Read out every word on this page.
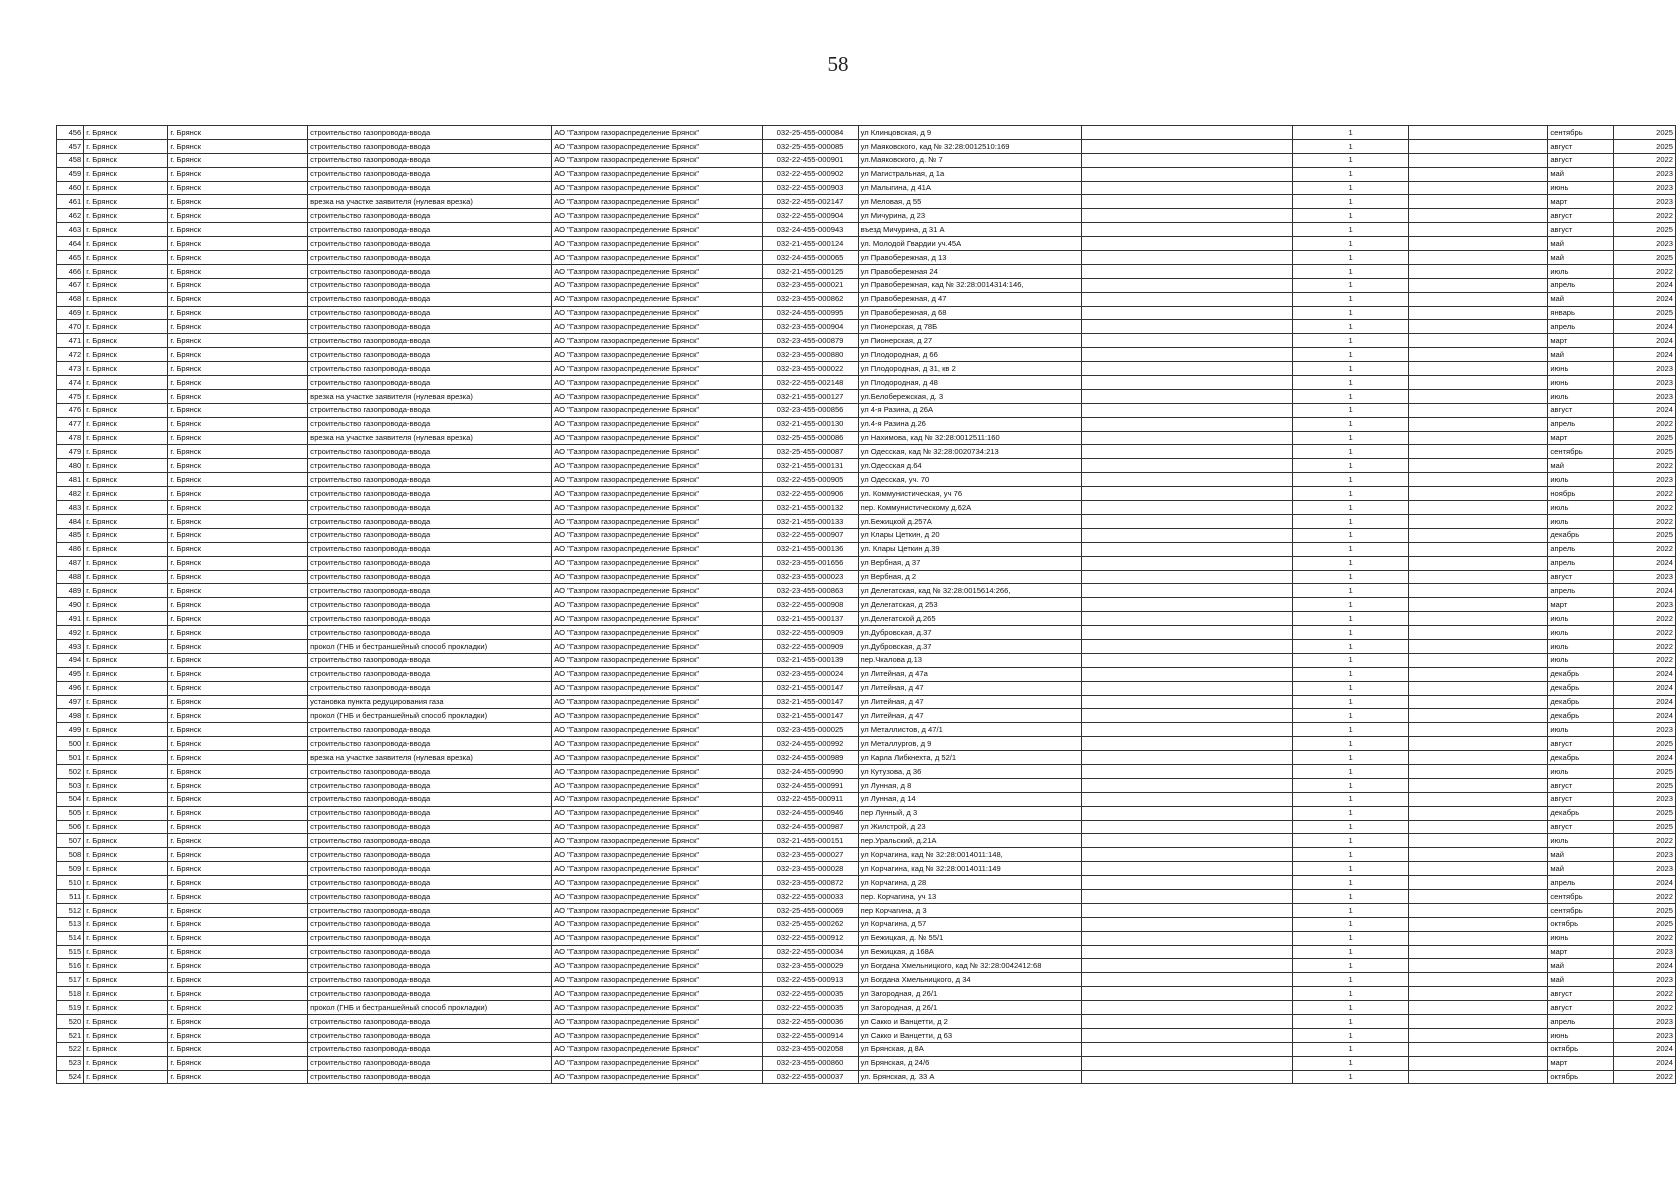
58
456	г. Брянск	г. Брянск	строительство газопровода-ввода	АО "Газпром газораспределение Брянск"	032-25-455-000084	ул Клинцовская, д 9		1		сентябрь	2025
457	г. Брянск	г. Брянск	строительство газопровода-ввода	АО "Газпром газораспределение Брянск"	032-25-455-000085	ул Маяковского, кад № 32:28:0012510:169		1		август	2025
458	г. Брянск	г. Брянск	строительство газопровода-ввода	АО "Газпром газораспределение Брянск"	032-22-455-000901	ул.Маяковского, д. № 7		1		август	2022
459	г. Брянск	г. Брянск	строительство газопровода-ввода	АО "Газпром газораспределение Брянск"	032-22-455-000902	ул Магистральная, д 1а		1		май	2023
460	г. Брянск	г. Брянск	строительство газопровода-ввода	АО "Газпром газораспределение Брянск"	032-22-455-000903	ул Малыгина, д 41А		1		июнь	2023
461	г. Брянск	г. Брянск	врезка на участке заявителя (нулевая врезка)	АО "Газпром газораспределение Брянск"	032-22-455-002147	ул Меловая, д 55		1		март	2023
462	г. Брянск	г. Брянск	строительство газопровода-ввода	АО "Газпром газораспределение Брянск"	032-22-455-000904	ул Мичурина, д 23		1		август	2022
463	г. Брянск	г. Брянск	строительство газопровода-ввода	АО "Газпром газораспределение Брянск"	032-24-455-000943	въезд Мичурина, д 31 А		1		август	2025
464	г. Брянск	г. Брянск	строительство газопровода-ввода	АО "Газпром газораспределение Брянск"	032-21-455-000124	ул. Молодой Гвардии уч.45А		1		май	2023
465	г. Брянск	г. Брянск	строительство газопровода-ввода	АО "Газпром газораспределение Брянск"	032-24-455-000065	ул Правобережная, д 13		1		май	2025
466	г. Брянск	г. Брянск	строительство газопровода-ввода	АО "Газпром газораспределение Брянск"	032-21-455-000125	ул Правобережная 24		1		июль	2022
467	г. Брянск	г. Брянск	строительство газопровода-ввода	АО "Газпром газораспределение Брянск"	032-23-455-000021	ул Правобережная, кад № 32:28:0014314:146,		1		апрель	2024
468	г. Брянск	г. Брянск	строительство газопровода-ввода	АО "Газпром газораспределение Брянск"	032-23-455-000862	ул Правобережная, д 47		1		май	2024
469	г. Брянск	г. Брянск	строительство газопровода-ввода	АО "Газпром газораспределение Брянск"	032-24-455-000995	ул Правобережная, д 68		1		январь	2025
470	г. Брянск	г. Брянск	строительство газопровода-ввода	АО "Газпром газораспределение Брянск"	032-23-455-000904	ул Пионерская, д 78Б		1		апрель	2024
471	г. Брянск	г. Брянск	строительство газопровода-ввода	АО "Газпром газораспределение Брянск"	032-23-455-000879	ул Пионерская, д 27		1		март	2024
472	г. Брянск	г. Брянск	строительство газопровода-ввода	АО "Газпром газораспределение Брянск"	032-23-455-000880	ул Плодородная, д 66		1		май	2024
473	г. Брянск	г. Брянск	строительство газопровода-ввода	АО "Газпром газораспределение Брянск"	032-23-455-000022	ул Плодородная, д 31, кв 2		1		июнь	2023
474	г. Брянск	г. Брянск	строительство газопровода-ввода	АО "Газпром газораспределение Брянск"	032-22-455-002148	ул Плодородная, д 48		1		июнь	2023
475	г. Брянск	г. Брянск	врезка на участке заявителя (нулевая врезка)	АО "Газпром газораспределение Брянск"	032-21-455-000127	ул.Белобережская, д. 3		1		июль	2023
476	г. Брянск	г. Брянск	строительство газопровода-ввода	АО "Газпром газораспределение Брянск"	032-23-455-000856	ул 4-я Разина, д 26А		1		август	2024
477	г. Брянск	г. Брянск	строительство газопровода-ввода	АО "Газпром газораспределение Брянск"	032-21-455-000130	ул.4-я Разина д.26		1		апрель	2022
478	г. Брянск	г. Брянск	врезка на участке заявителя (нулевая врезка)	АО "Газпром газораспределение Брянск"	032-25-455-000086	ул Нахимова, кад № 32:28:0012511:160		1		март	2025
479	г. Брянск	г. Брянск	строительство газопровода-ввода	АО "Газпром газораспределение Брянск"	032-25-455-000087	ул Одесская, кад № 32:28:0020734:213		1		сентябрь	2025
480	г. Брянск	г. Брянск	строительство газопровода-ввода	АО "Газпром газораспределение Брянск"	032-21-455-000131	ул.Одесская д.64		1		май	2022
481	г. Брянск	г. Брянск	строительство газопровода-ввода	АО "Газпром газораспределение Брянск"	032-22-455-000905	ул Одесская, уч. 70		1		июль	2023
482	г. Брянск	г. Брянск	строительство газопровода-ввода	АО "Газпром газораспределение Брянск"	032-22-455-000906	ул. Коммунистическая, уч 76		1		ноябрь	2022
483	г. Брянск	г. Брянск	строительство газопровода-ввода	АО "Газпром газораспределение Брянск"	032-21-455-000132	пер. Коммунистическому д.62А		1		июль	2022
484	г. Брянск	г. Брянск	строительство газопровода-ввода	АО "Газпром газораспределение Брянск"	032-21-455-000133	ул.Бежицкой д.257А		1		июль	2022
485	г. Брянск	г. Брянск	строительство газопровода-ввода	АО "Газпром газораспределение Брянск"	032-22-455-000907	ул Клары Цеткин, д 20		1		декабрь	2025
486	г. Брянск	г. Брянск	строительство газопровода-ввода	АО "Газпром газораспределение Брянск"	032-21-455-000136	ул. Клары Цеткин д.39		1		апрель	2022
487	г. Брянск	г. Брянск	строительство газопровода-ввода	АО "Газпром газораспределение Брянск"	032-23-455-001656	ул Вербная, д 37		1		апрель	2024
488	г. Брянск	г. Брянск	строительство газопровода-ввода	АО "Газпром газораспределение Брянск"	032-23-455-000023	ул Вербная, д 2		1		август	2023
489	г. Брянск	г. Брянск	строительство газопровода-ввода	АО "Газпром газораспределение Брянск"	032-23-455-000863	ул Делегатская, кад № 32:28:0015614:266,		1		апрель	2024
490	г. Брянск	г. Брянск	строительство газопровода-ввода	АО "Газпром газораспределение Брянск"	032-22-455-000908	ул Делегатская, д 253		1		март	2023
491	г. Брянск	г. Брянск	строительство газопровода-ввода	АО "Газпром газораспределение Брянск"	032-21-455-000137	ул.Делегатской д.265		1		июль	2022
492	г. Брянск	г. Брянск	строительство газопровода-ввода	АО "Газпром газораспределение Брянск"	032-22-455-000909	ул.Дубровская, д.37		1		июль	2022
493	г. Брянск	г. Брянск	прокол (ГНБ и бестраншейный способ прокладки)	АО "Газпром газораспределение Брянск"	032-22-455-000909	ул.Дубровская, д.37		1		июль	2022
494	г. Брянск	г. Брянск	строительство газопровода-ввода	АО "Газпром газораспределение Брянск"	032-21-455-000139	пер.Чкалова д.13		1		июль	2022
495	г. Брянск	г. Брянск	строительство газопровода-ввода	АО "Газпром газораспределение Брянск"	032-23-455-000024	ул Литейная, д 47а		1		декабрь	2024
496	г. Брянск	г. Брянск	строительство газопровода-ввода	АО "Газпром газораспределение Брянск"	032-21-455-000147	ул Литейная, д 47		1		декабрь	2024
497	г. Брянск	г. Брянск	установка пункта редуцирования газа	АО "Газпром газораспределение Брянск"	032-21-455-000147	ул Литейная, д 47		1		декабрь	2024
498	г. Брянск	г. Брянск	прокол (ГНБ и бестраншейный способ прокладки)	АО "Газпром газораспределение Брянск"	032-21-455-000147	ул Литейная, д 47		1		декабрь	2024
499	г. Брянск	г. Брянск	строительство газопровода-ввода	АО "Газпром газораспределение Брянск"	032-23-455-000025	ул Металлистов, д 47/1		1		июль	2023
500	г. Брянск	г. Брянск	строительство газопровода-ввода	АО "Газпром газораспределение Брянск"	032-24-455-000992	ул Металлургов, д 9		1		август	2025
501	г. Брянск	г. Брянск	врезка на участке заявителя (нулевая врезка)	АО "Газпром газораспределение Брянск"	032-24-455-000989	ул Карла Либкнехта, д 52/1		1		декабрь	2024
502	г. Брянск	г. Брянск	строительство газопровода-ввода	АО "Газпром газораспределение Брянск"	032-24-455-000990	ул Кутузова, д 36		1		июль	2025
503	г. Брянск	г. Брянск	строительство газопровода-ввода	АО "Газпром газораспределение Брянск"	032-24-455-000991	ул Лунная, д 8		1		август	2025
504	г. Брянск	г. Брянск	строительство газопровода-ввода	АО "Газпром газораспределение Брянск"	032-22-455-000911	ул Лунная, д 14		1		август	2023
505	г. Брянск	г. Брянск	строительство газопровода-ввода	АО "Газпром газораспределение Брянск"	032-24-455-000946	пер Лунный, д 3		1		декабрь	2025
506	г. Брянск	г. Брянск	строительство газопровода-ввода	АО "Газпром газораспределение Брянск"	032-24-455-000987	ул Жилстрой, д 23		1		август	2025
507	г. Брянск	г. Брянск	строительство газопровода-ввода	АО "Газпром газораспределение Брянск"	032-21-455-000151	пер.Уральский, д.21А		1		июль	2022
508	г. Брянск	г. Брянск	строительство газопровода-ввода	АО "Газпром газораспределение Брянск"	032-23-455-000027	ул Корчагина, кад № 32:28:0014011:148,		1		май	2023
509	г. Брянск	г. Брянск	строительство газопровода-ввода	АО "Газпром газораспределение Брянск"	032-23-455-000028	ул Корчагина, кад № 32:28:0014011:149		1		май	2023
510	г. Брянск	г. Брянск	строительство газопровода-ввода	АО "Газпром газораспределение Брянск"	032-23-455-000872	ул Корчагина, д 28		1		апрель	2024
511	г. Брянск	г. Брянск	строительство газопровода-ввода	АО "Газпром газораспределение Брянск"	032-22-455-000033	пер. Корчагина, уч 13		1		сентябрь	2022
512	г. Брянск	г. Брянск	строительство газопровода-ввода	АО "Газпром газораспределение Брянск"	032-25-455-000069	пер Корчагина, д 3		1		сентябрь	2025
513	г. Брянск	г. Брянск	строительство газопровода-ввода	АО "Газпром газораспределение Брянск"	032-25-455-000262	ул Корчагина, д 57		1		октябрь	2025
514	г. Брянск	г. Брянск	строительство газопровода-ввода	АО "Газпром газораспределение Брянск"	032-22-455-000912	ул Бежицкая, д. № 55/1		1		июнь	2022
515	г. Брянск	г. Брянск	строительство газопровода-ввода	АО "Газпром газораспределение Брянск"	032-22-455-000034	ул Бежицкая, д 168А		1		март	2023
516	г. Брянск	г. Брянск	строительство газопровода-ввода	АО "Газпром газораспределение Брянск"	032-23-455-000029	ул Богдана Хмельницкого, кад № 32:28:0042412:68		1		май	2024
517	г. Брянск	г. Брянск	строительство газопровода-ввода	АО "Газпром газораспределение Брянск"	032-22-455-000913	ул Богдана Хмельницкого, д 34		1		май	2023
518	г. Брянск	г. Брянск	строительство газопровода-ввода	АО "Газпром газораспределение Брянск"	032-22-455-000035	ул Загородная, д 26/1		1		август	2022
519	г. Брянск	г. Брянск	прокол (ГНБ и бестраншейный способ прокладки)	АО "Газпром газораспределение Брянск"	032-22-455-000035	ул Загородная, д 26/1		1		август	2022
520	г. Брянск	г. Брянск	строительство газопровода-ввода	АО "Газпром газораспределение Брянск"	032-22-455-000036	ул Сакко и Ванцетти, д 2		1		апрель	2023
521	г. Брянск	г. Брянск	строительство газопровода-ввода	АО "Газпром газораспределение Брянск"	032-22-455-000914	ул Сакко и Ванцетти, д 63		1		июнь	2023
522	г. Брянск	г. Брянск	строительство газопровода-ввода	АО "Газпром газораспределение Брянск"	032-23-455-002058	ул Брянская, д 8А		1		октябрь	2024
523	г. Брянск	г. Брянск	строительство газопровода-ввода	АО "Газпром газораспределение Брянск"	032-23-455-000860	ул Брянская, д 24/6		1		март	2024
524	г. Брянск	г. Брянск	строительство газопровода-ввода	АО "Газпром газораспределение Брянск"	032-22-455-000037	ул. Брянская, д. 33 А		1		октябрь	2022
